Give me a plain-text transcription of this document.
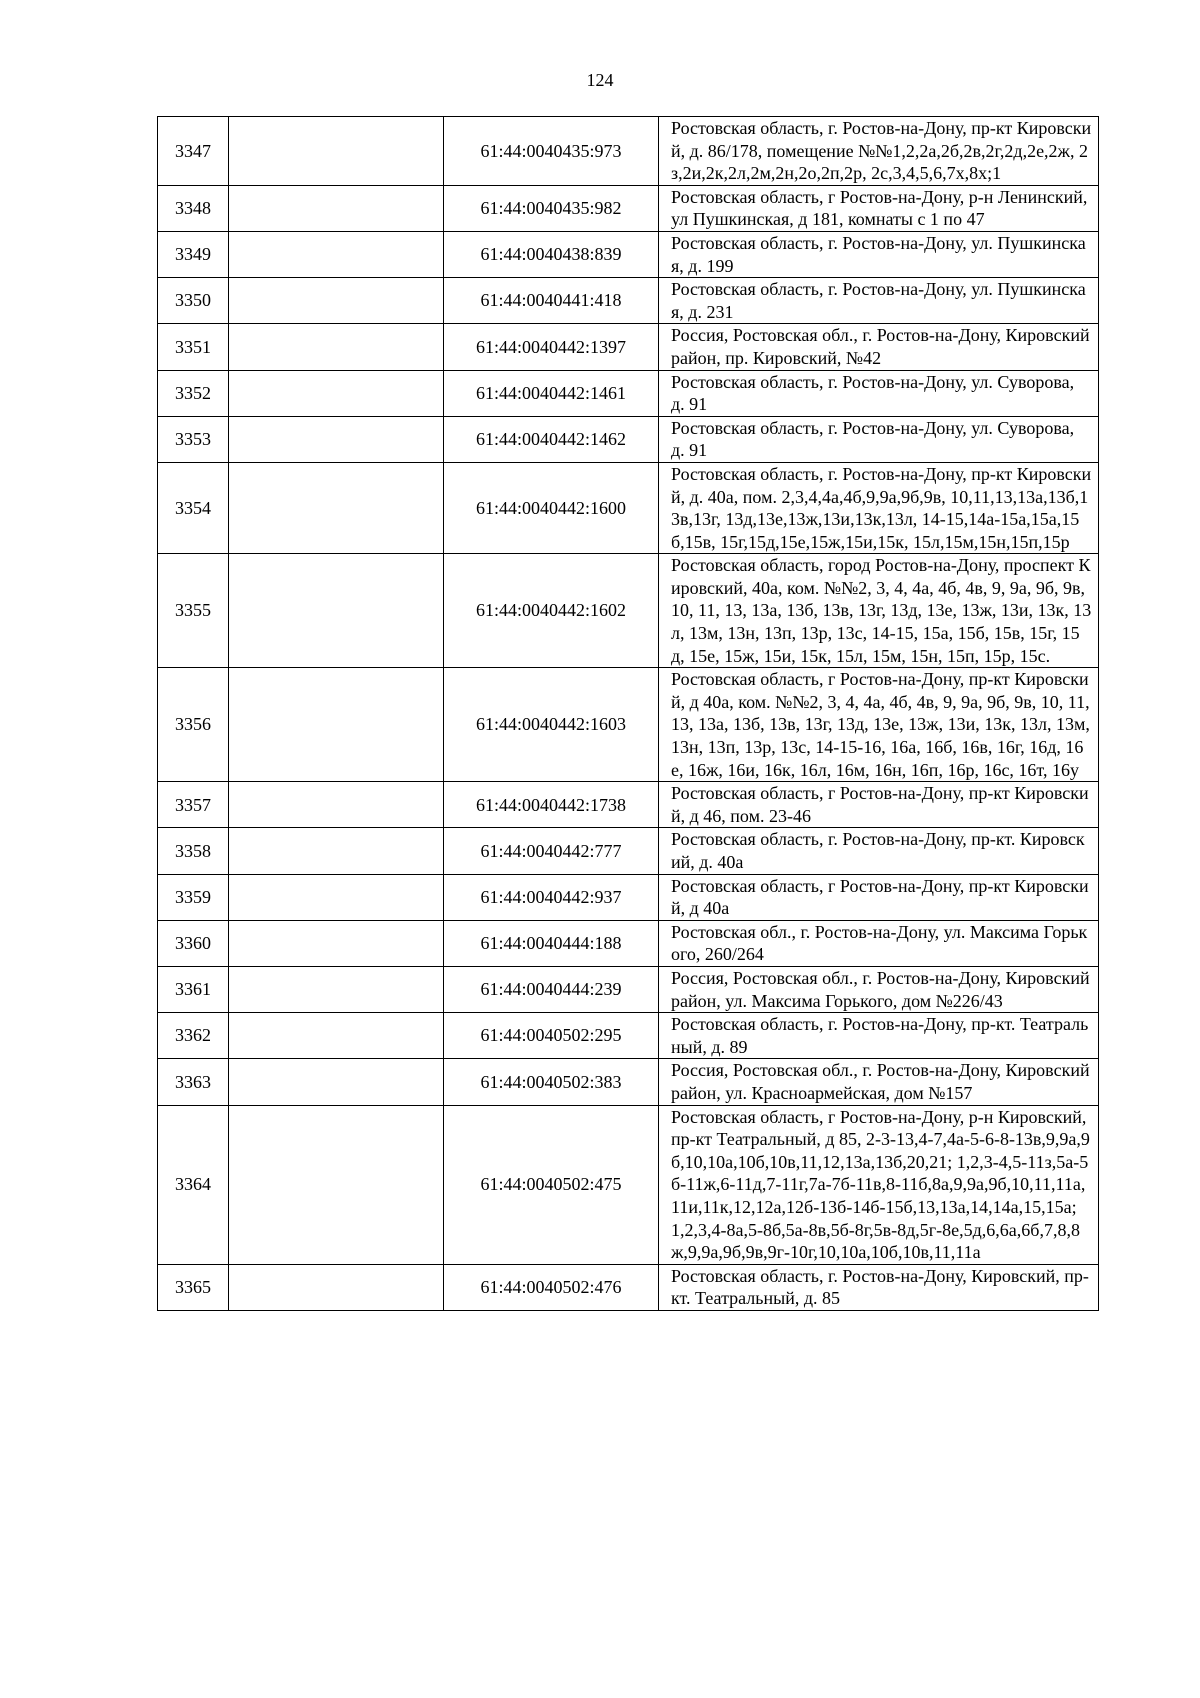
124
3347		61:44:0040435:973	Ростовская область, г. Ростов-на-Дону, пр-кт Кировский, д. 86/178, помещение №№1,2,2а,2б,2в,2г,2д,2е,2ж, 2з,2и,2к,2л,2м,2н,2о,2п,2р, 2с,3,4,5,6,7х,8х;1
3348		61:44:0040435:982	Ростовская область, г Ростов-на-Дону, р-н Ленинский, ул Пушкинская, д 181, комнаты с 1 по 47
3349		61:44:0040438:839	Ростовская область, г. Ростов-на-Дону, ул. Пушкинская, д. 199
3350		61:44:0040441:418	Ростовская область, г. Ростов-на-Дону, ул. Пушкинская, д. 231
3351		61:44:0040442:1397	Россия, Ростовская обл., г. Ростов-на-Дону, Кировский район, пр. Кировский, №42
3352		61:44:0040442:1461	Ростовская область, г. Ростов-на-Дону, ул. Суворова, д. 91
3353		61:44:0040442:1462	Ростовская область, г. Ростов-на-Дону, ул. Суворова, д. 91
3354		61:44:0040442:1600	Ростовская область, г. Ростов-на-Дону, пр-кт Кировский, д. 40а, пом. 2,3,4,4а,4б,9,9а,9б,9в, 10,11,13,13а,13б,13в,13г, 13д,13е,13ж,13и,13к,13л, 14-15,14а-15а,15а,15б,15в, 15г,15д,15е,15ж,15и,15к, 15л,15м,15н,15п,15р
3355		61:44:0040442:1602	Ростовская область, город Ростов-на-Дону, проспект Кировский, 40а, ком. №№2, 3, 4, 4а, 4б, 4в, 9, 9а, 9б, 9в, 10, 11, 13, 13а, 13б, 13в, 13г, 13д, 13е, 13ж, 13и, 13к, 13л, 13м, 13н, 13п, 13р, 13с, 14-15, 15а, 15б, 15в, 15г, 15д, 15е, 15ж, 15и, 15к, 15л, 15м, 15н, 15п, 15р, 15с.
3356		61:44:0040442:1603	Ростовская область, г Ростов-на-Дону, пр-кт Кировский, д 40а, ком. №№2, 3, 4, 4а, 4б, 4в, 9, 9а, 9б, 9в, 10, 11, 13, 13а, 13б, 13в, 13г, 13д, 13е, 13ж, 13и, 13к, 13л, 13м, 13н, 13п, 13р, 13с, 14-15-16, 16а, 16б, 16в, 16г, 16д, 16е, 16ж, 16и, 16к, 16л, 16м, 16н, 16п, 16р, 16с, 16т, 16у
3357		61:44:0040442:1738	Ростовская область, г Ростов-на-Дону, пр-кт Кировский, д 46, пом. 23-46
3358		61:44:0040442:777	Ростовская область, г. Ростов-на-Дону, пр-кт. Кировский, д. 40а
3359		61:44:0040442:937	Ростовская область, г Ростов-на-Дону, пр-кт Кировский, д 40а
3360		61:44:0040444:188	Ростовская обл., г. Ростов-на-Дону, ул. Максима Горького, 260/264
3361		61:44:0040444:239	Россия, Ростовская обл., г. Ростов-на-Дону, Кировский район, ул. Максима Горького, дом №226/43
3362		61:44:0040502:295	Ростовская область, г. Ростов-на-Дону, пр-кт. Театральный, д. 89
3363		61:44:0040502:383	Россия, Ростовская обл., г. Ростов-на-Дону, Кировский район, ул. Красноармейская, дом №157
3364		61:44:0040502:475	Ростовская область, г Ростов-на-Дону, р-н Кировский, пр-кт Театральный, д 85, 2-3-13,4-7,4а-5-6-8-13в,9,9а,9б,10,10а,10б,10в,11,12,13а,13б,20,21; 1,2,3-4,5-11з,5а-5б-11ж,6-11д,7-11г,7а-7б-11в,8-11б,8а,9,9а,9б,10,11,11а,11и,11к,12,12а,12б-13б-14б-15б,13,13а,14,14а,15,15а; 1,2,3,4-8а,5-8б,5а-8в,5б-8г,5в-8д,5г-8е,5д,6,6а,6б,7,8,8ж,9,9а,9б,9в,9г-10г,10,10а,10б,10в,11,11а
3365		61:44:0040502:476	Ростовская область, г. Ростов-на-Дону, Кировский, пр-кт. Театральный, д. 85
